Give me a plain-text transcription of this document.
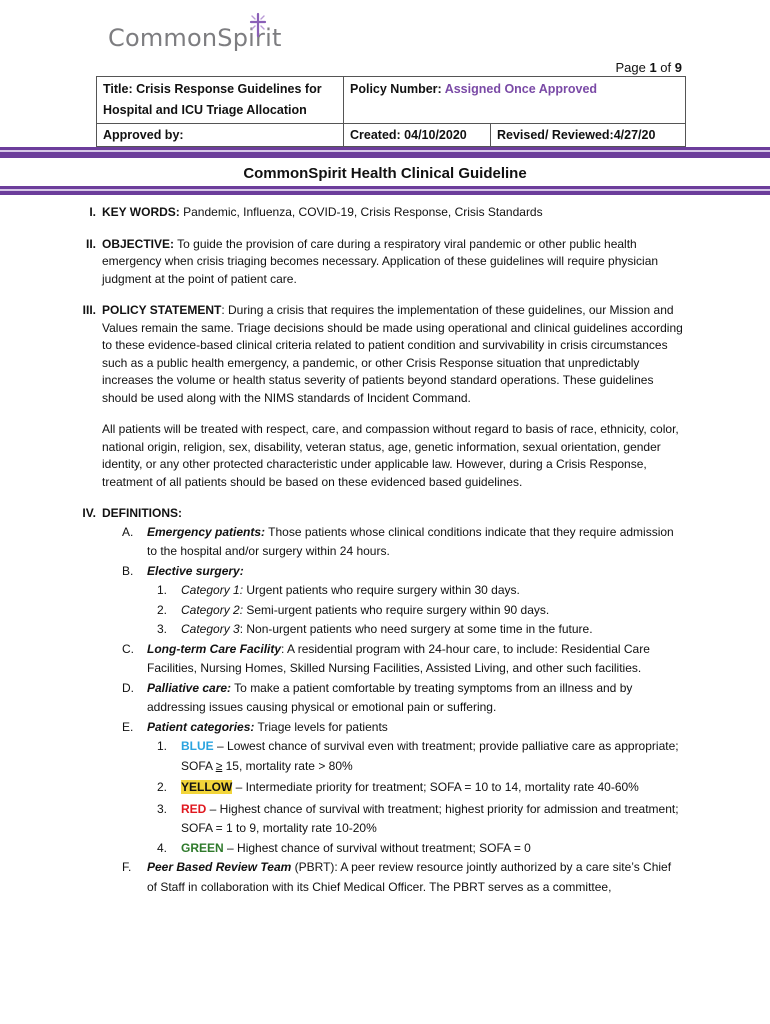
CommonSpirit
Page 1 of 9
Title: Crisis Response Guidelines for Hospital and ICU Triage Allocation	Policy Number: Assigned Once Approved	
Approved by:	Created: 04/10/2020	Revised/ Reviewed:4/27/20
CommonSpirit Health Clinical Guideline
I. KEY WORDS: Pandemic, Influenza, COVID-19, Crisis Response, Crisis Standards

II. OBJECTIVE: To guide the provision of care during a respiratory viral pandemic or other public health emergency when crisis triaging becomes necessary. Application of these guidelines will require physician judgment at the point of patient care.

III. POLICY STATEMENT: During a crisis that requires the implementation of these guidelines, our Mission and Values remain the same. Triage decisions should be made using operational and clinical guidelines according to these evidence-based clinical criteria related to patient condition and survivability in crisis circumstances such as a public health emergency, a pandemic, or other Crisis Response situation that unpredictably increases the volume or health status severity of patients beyond standard operations. These guidelines should be used along with the NIMS standards of Incident Command.

All patients will be treated with respect, care, and compassion without regard to basis of race, ethnicity, color, national origin, religion, sex, disability, veteran status, age, genetic information, sexual orientation, gender identity, or any other protected characteristic under applicable law. However, during a Crisis Response, treatment of all patients should be based on these evidenced based guidelines.

IV. DEFINITIONS:

A. Emergency patients: Those patients whose clinical conditions indicate that they require admission to the hospital and/or surgery within 24 hours.
B. Elective surgery:
1. Category 1: Urgent patients who require surgery within 30 days.
2. Category 2: Semi-urgent patients who require surgery within 90 days.
3. Category 3: Non-urgent patients who need surgery at some time in the future.
C. Long-term Care Facility: A residential program with 24-hour care, to include: Residential Care Facilities, Nursing Homes, Skilled Nursing Facilities, Assisted Living, and other such facilities.
D. Palliative care: To make a patient comfortable by treating symptoms from an illness and by addressing issues causing physical or emotional pain or suffering.
E. Patient categories: Triage levels for patients
1. BLUE – Lowest chance of survival even with treatment; provide palliative care as appropriate; SOFA ≥ 15, mortality rate > 80%
2. YELLOW – Intermediate priority for treatment; SOFA = 10 to 14, mortality rate 40-60%
3. RED – Highest chance of survival with treatment; highest priority for admission and treatment; SOFA = 1 to 9, mortality rate 10-20%
4. GREEN – Highest chance of survival without treatment; SOFA = 0
F. Peer Based Review Team (PBRT): A peer review resource jointly authorized by a care site’s Chief of Staff in collaboration with its Chief Medical Officer. The PBRT serves as a committee,
